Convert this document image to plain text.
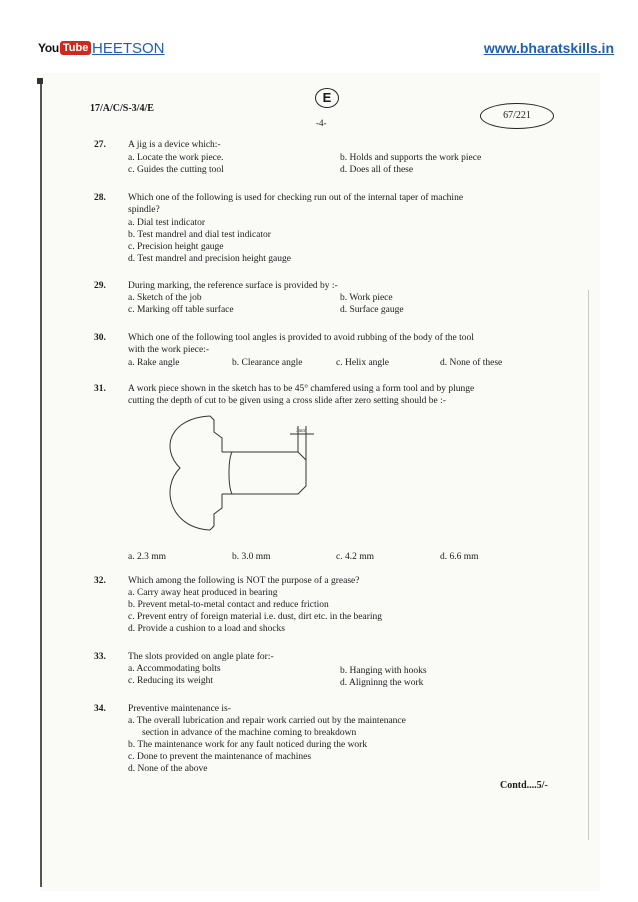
You Tube HEETSON	www.bharatskills.in
17/A/C/S-3/4/E
E
-4-
67/221
27. A jig is a device which:-
a. Locate the work piece.	b. Holds and supports the work piece
c. Guides the cutting tool	d. Does all of these
28. Which one of the following is used for checking run out of the internal taper of machine
spindle?
a. Dial test indicator
b. Test mandrel and dial test indicator
c. Precision height gauge
d. Test mandrel and precision height gauge
29. During marking, the reference surface is provided by :-
a. Sketch of the job	b. Work piece
c. Marking off table surface	d. Surface gauge
30. Which one of the following tool angles is provided to avoid rubbing of the body of the tool
with the work piece:-
a. Rake angle	b. Clearance angle	c. Helix angle	d. None of these
31. A work piece shown in the sketch has to be 45° chamfered using a form tool and by plunge
cutting the depth of cut to be given using a cross slide after zero setting should be :-
3mm
a. 2.3 mm	b. 3.0 mm	c. 4.2 mm	d. 6.6 mm
32. Which among the following is NOT the purpose of a grease?
a. Carry away heat produced in bearing
b. Prevent metal-to-metal contact and reduce friction
c. Prevent entry of foreign material i.e. dust, dirt etc. in the bearing
d. Provide a cushion to a load and shocks
33. The slots provided on angle plate for:-
a. Accommodating bolts	b. Hanging with hooks
c. Reducing its weight	d. Aligninng the work
34. Preventive maintenance is-
a. The overall lubrication and repair work carried out by the maintenance
section in advance of the machine coming to breakdown
b. The maintenance work for any fault noticed during the work
c. Done to prevent the maintenance of machines
d. None of the above
Contd....5/-
